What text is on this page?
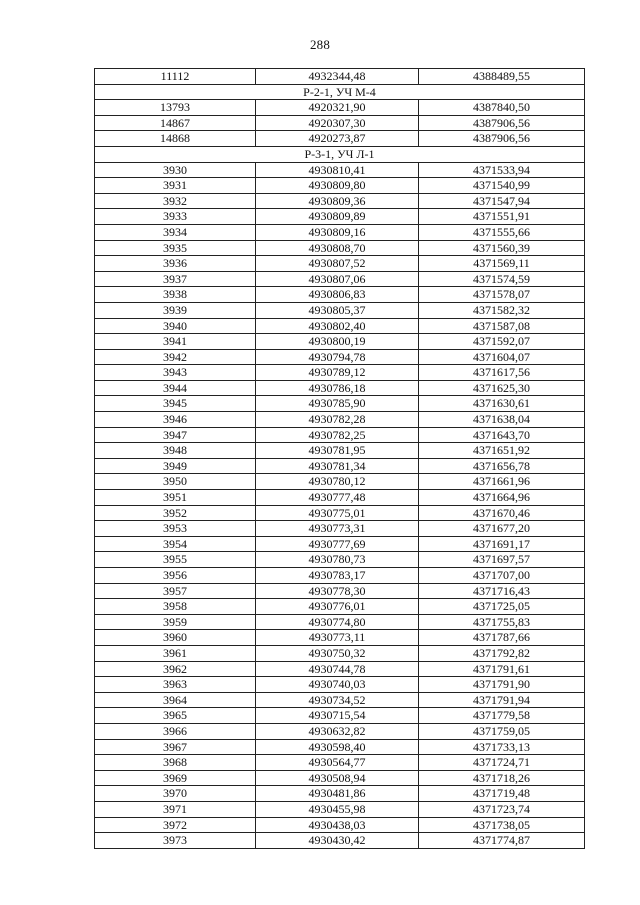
288
11112	4932344,48	4388489,55
Р-2-1, УЧ М-4		
13793	4920321,90	4387840,50
14867	4920307,30	4387906,56
14868	4920273,87	4387906,56
Р-3-1, УЧ Л-1		
3930	4930810,41	4371533,94
3931	4930809,80	4371540,99
3932	4930809,36	4371547,94
3933	4930809,89	4371551,91
3934	4930809,16	4371555,66
3935	4930808,70	4371560,39
3936	4930807,52	4371569,11
3937	4930807,06	4371574,59
3938	4930806,83	4371578,07
3939	4930805,37	4371582,32
3940	4930802,40	4371587,08
3941	4930800,19	4371592,07
3942	4930794,78	4371604,07
3943	4930789,12	4371617,56
3944	4930786,18	4371625,30
3945	4930785,90	4371630,61
3946	4930782,28	4371638,04
3947	4930782,25	4371643,70
3948	4930781,95	4371651,92
3949	4930781,34	4371656,78
3950	4930780,12	4371661,96
3951	4930777,48	4371664,96
3952	4930775,01	4371670,46
3953	4930773,31	4371677,20
3954	4930777,69	4371691,17
3955	4930780,73	4371697,57
3956	4930783,17	4371707,00
3957	4930778,30	4371716,43
3958	4930776,01	4371725,05
3959	4930774,80	4371755,83
3960	4930773,11	4371787,66
3961	4930750,32	4371792,82
3962	4930744,78	4371791,61
3963	4930740,03	4371791,90
3964	4930734,52	4371791,94
3965	4930715,54	4371779,58
3966	4930632,82	4371759,05
3967	4930598,40	4371733,13
3968	4930564,77	4371724,71
3969	4930508,94	4371718,26
3970	4930481,86	4371719,48
3971	4930455,98	4371723,74
3972	4930438,03	4371738,05
3973	4930430,42	4371774,87
